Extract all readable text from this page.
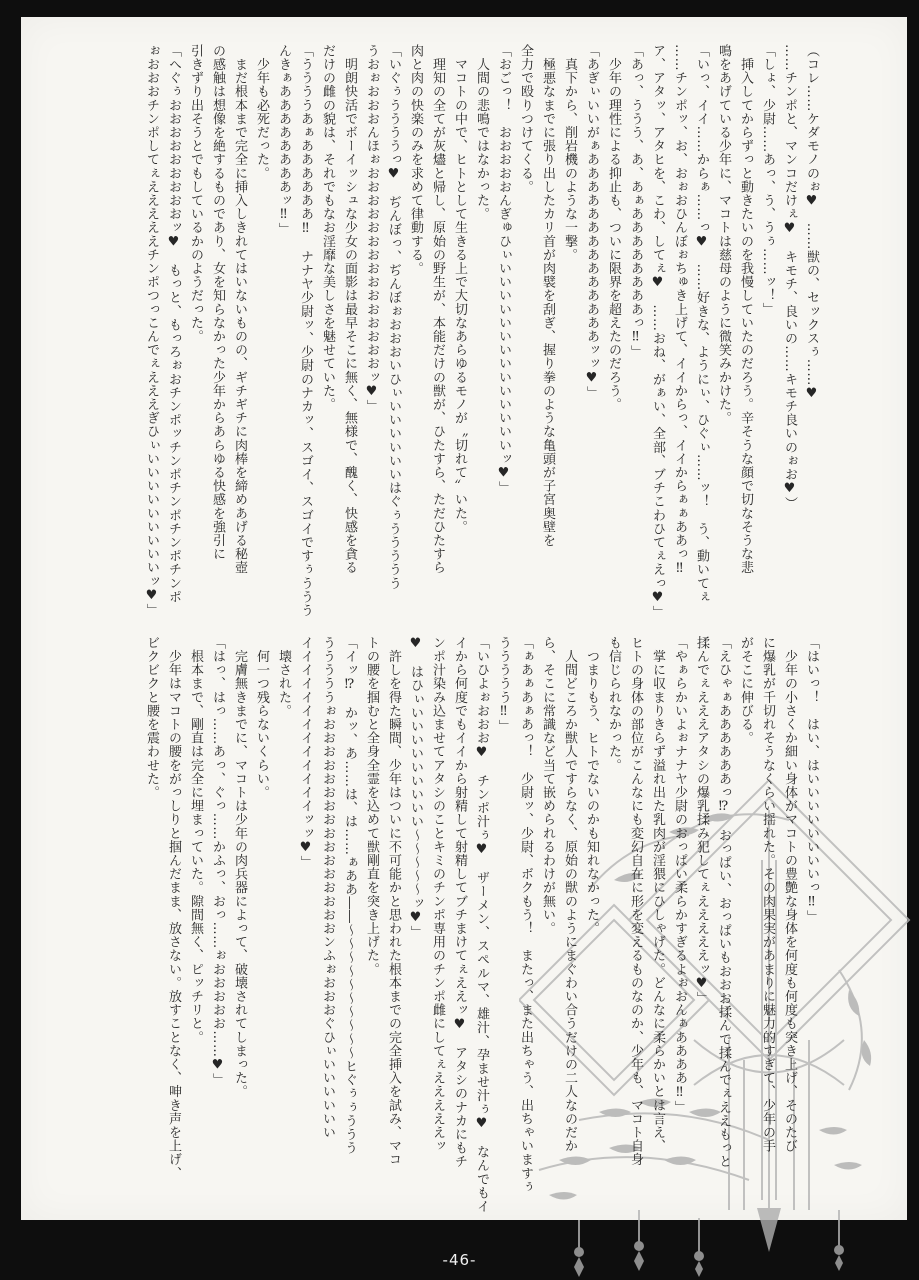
（コレ……ケダモノのぉ♥　……獣の、セックスぅ……♥
……チンポと、マンコだけぇ♥　キモチ、良いの……キモチ良いのぉお♥）
「しょ、少尉……あっ、う、うぅ……ッ！」
　挿入してからずっと動きたいのを我慢していたのだろう。辛そうな顔で切なそうな悲
鳴をあげている少年に、マコトは慈母のように微笑みかけた。
「いっ、イイ……からぁ……っ♥　……好きな、ようにぃ、ひぐぃ……ッ！　う、動いてぇ
……チンポッ、お、おぉおひんぼぉちゅき上げて、イイからっ、イイからぁぁああっ‼
ア、アタッ、アタヒを、こわ、してぇ♥　……おね、がぁい、全部、ブチこわひてぇえっ♥」
「あっ、ううう、あ、あぁああああああああっ‼」
　少年の理性による抑止も、ついに限界を超えたのだろう。
「あぎぃいいがぁああああああああああああああッッ♥」
　真下から、削岩機のような一撃。
　極悪なまでに張り出したカリ首が肉襞を刮ぎ、握り拳のような亀頭が子宮奥壁を
全力で殴りつけてくる。
「おごっ！　おおおおおんぎゅひぃいいいいいいいいいいいいいいッ♥」
　人間の悲鳴ではなかった。
　マコトの中で、ヒトとして生きる上で大切なあらゆるモノが〝切れて〟いた。
　理知の全てが灰燼と帰し、原始の野生が、本能だけの獣が、ひたすら、ただひたすら
肉と肉の快楽のみを求めて律動する。
「いぐぅううううっ♥　ぢんぼっ、ぢんぼぉおおおいひぃいいいいいいはぐぅううううう
うおぉおおおんほぉおおおおおおおおおおおおおおおッ♥」
　明朗快活でボーイッシュな少女の面影は最早そこに無く、無様で、醜く、快感を貪る
だけの雌の貌は、それでもなお淫靡な美しさを魅せていた。
「ううううあぁああああああ‼　ナナヤ少尉ッ、少尉のナカッ、スゴイ、スゴイですぅううう
んきぁああああああああッ‼」
　少年も必死だった。
　まだ根本まで完全に挿入しきれてはいないものの、ギチギチに肉棒を締めあげる秘壺
の感触は想像を絶するものであり、女を知らなかった少年からあらゆる快感を強引に
引きずり出そうとでもしているかのようだった。
「へぐぅおおおおおおおおおッ♥　もっと、もっろぉおチンポッチンポチンポチンポチンポ
ぉおおおチンポしてぇえええええチンポつっこんでぇえええぎひぃいいいいいいいいいッ♥」
「はいっ！　はい、はいいいいいいいいっ‼」
　少年の小さくか細い身体がマコトの豊艶な身体を何度も何度も突き上げ、そのたび
に爆乳が千切れそうなくらい揺れた。その肉果実があまりに魅力的すぎて、少年の手
がそこに伸びる。
「えひゃぁああああああっ⁉　おっぱい、おっぱいもおおお揉んで揉んでぇええもっと
揉んでぇえええアタシの爆乳揉み犯してぇえええええッ♥」
「やぁらかいよぉナナヤ少尉のおっぱい柔らかすぎるよぉおんぁああああ‼」
　掌に収まりきらず溢れ出た乳肉が淫猥にひしゃげた。どんなに柔らかいとは言え、
ヒトの身体の部位がこんなにも変幻自在に形を変えるものなのか、少年も、マコト自身
も信じられなかった。
　つまりもう、ヒトでないのかも知れなかった。
　人間どころか獣人ですらなく、原始の獣のようにまぐわい合うだけの二人なのだか
ら、そこに常識など当て嵌められるわけが無い。
「ぁあぁあぁあっ！　少尉ッ、少尉、ボクもう！　またっ、また出ちゃう、出ちゃいますぅ
ううううう‼」
「いひよぉおおお♥　チンポ汁ぅ♥　ザーメン、スペルマ、雄汁、孕ませ汁ぅ♥　なんでもイ
イから何度でもイイから射精して射精してブチまけてぇええッ♥　アタシのナカにもチ
ンポ汁染み込ませてアタシのことキミのチンポ専用のチンポ雌にしてぇえええええッ
♥　はひぃいいいいいいいいい〜〜〜〜〜ッ♥」
　許しを得た瞬間、少年はついに不可能かと思われた根本までの完全挿入を試み、マコ
トの腰を掴むと全身全霊を込めて獣剛直を突き上げた。
「イッ⁉　かッ、あ……は、は……ぁああ――〜〜〜〜〜〜〜〜〜〜ヒぐぅぅううう
うううううぉおおおおおおおおおおおおおおおおンふぉおおおぐひぃいいいいいい
イイイイイイイイイイイイイッッ♥」
　壊された。
　何一つ残らないくらい。
　完膚無きまでに、マコトは少年の肉兵器によって、破壊されてしまった。
「はっ、はっ……あっ、ぐっ……かふっ、おっ……ぉおおおおお……♥」
　根本まで、剛直は完全に埋まっていた。隙間無く、ピッチリと。
　少年はマコトの腰をがっしりと掴んだまま、放さない。放すことなく、呻き声を上げ、
ビクビクと腰を震わせた。
-46-
